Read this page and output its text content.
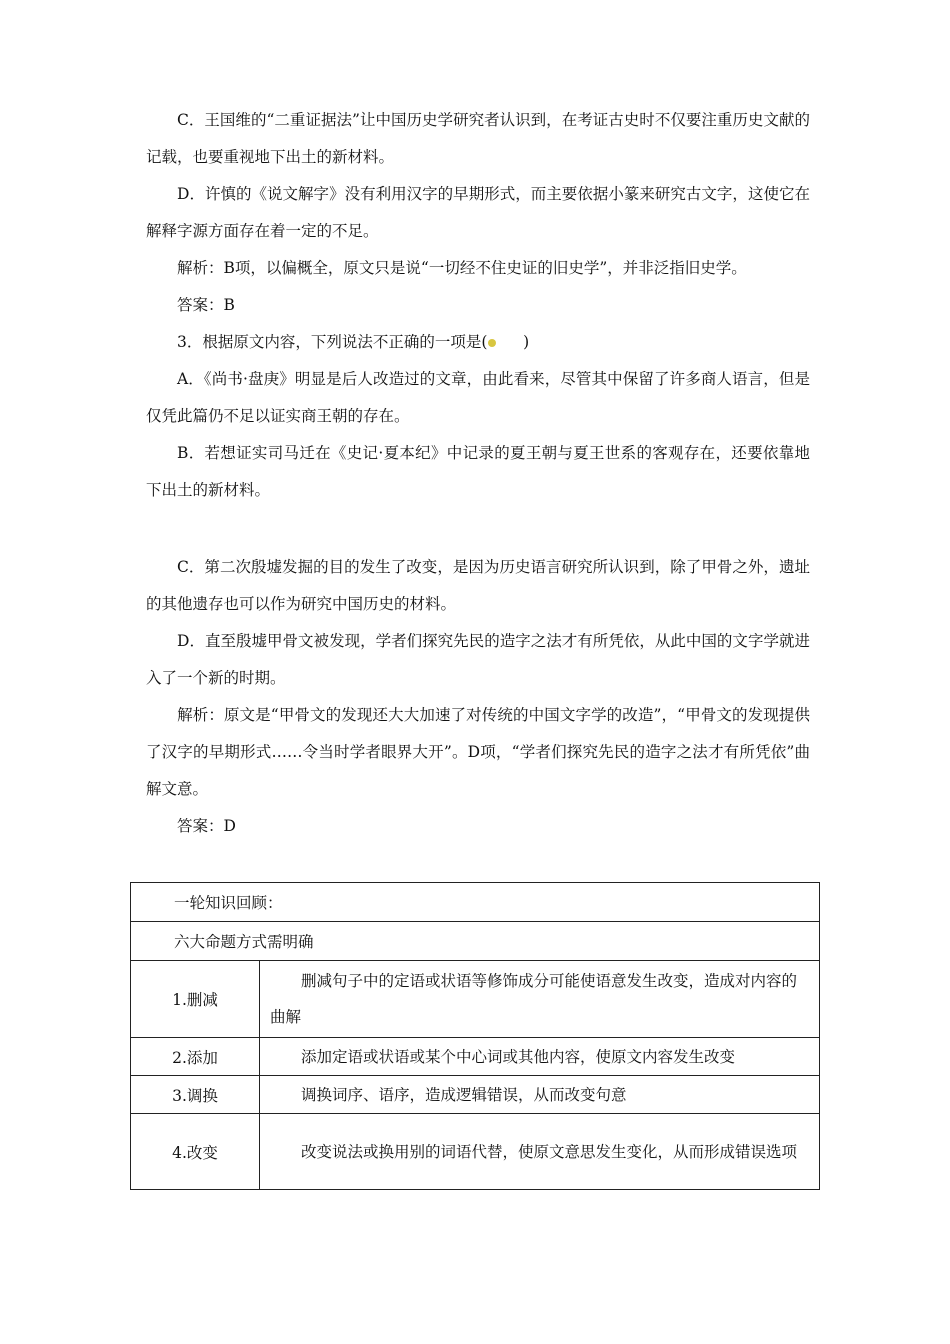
C．王国维的“二重证据法”让中国历史学研究者认识到，在考证古史时不仅要注重历史文献的记载，也要重视地下出土的新材料。

D．许慎的《说文解字》没有利用汉字的早期形式，而主要依据小篆来研究古文字，这使它在解释字源方面存在着一定的不足。

解析：B项，以偏概全，原文只是说“一切经不住史证的旧史学”，并非泛指旧史学。

答案：B

3．根据原文内容，下列说法不正确的一项是( )

A．《尚书·盘庚》明显是后人改造过的文章，由此看来，尽管其中保留了许多商人语言，但是仅凭此篇仍不足以证实商王朝的存在。

B．若想证实司马迁在《史记·夏本纪》中记录的夏王朝与夏王世系的客观存在，还要依靠地下出土的新材料。

C．第二次殷墟发掘的目的发生了改变，是因为历史语言研究所认识到，除了甲骨之外，遗址的其他遗存也可以作为研究中国历史的材料。

D．直至殷墟甲骨文被发现，学者们探究先民的造字之法才有所凭依，从此中国的文字学就进入了一个新的时期。

解析：原文是“甲骨文的发现还大大加速了对传统的中国文字学的改造”，“甲骨文的发现提供了汉字的早期形式……令当时学者眼界大开”。D项，“学者们探究先民的造字之法才有所凭依”曲解文意。

答案：D

一轮知识回顾：	
六大命题方式需明确	
1.删减	删减句子中的定语或状语等修饰成分可能使语意发生改变，造成对内容的曲解
2.添加	添加定语或状语或某个中心词或其他内容，使原文内容发生改变
3.调换	调换词序、语序，造成逻辑错误，从而改变句意
4.改变	改变说法或换用别的词语代替，使原文意思发生变化，从而形成错误选项
